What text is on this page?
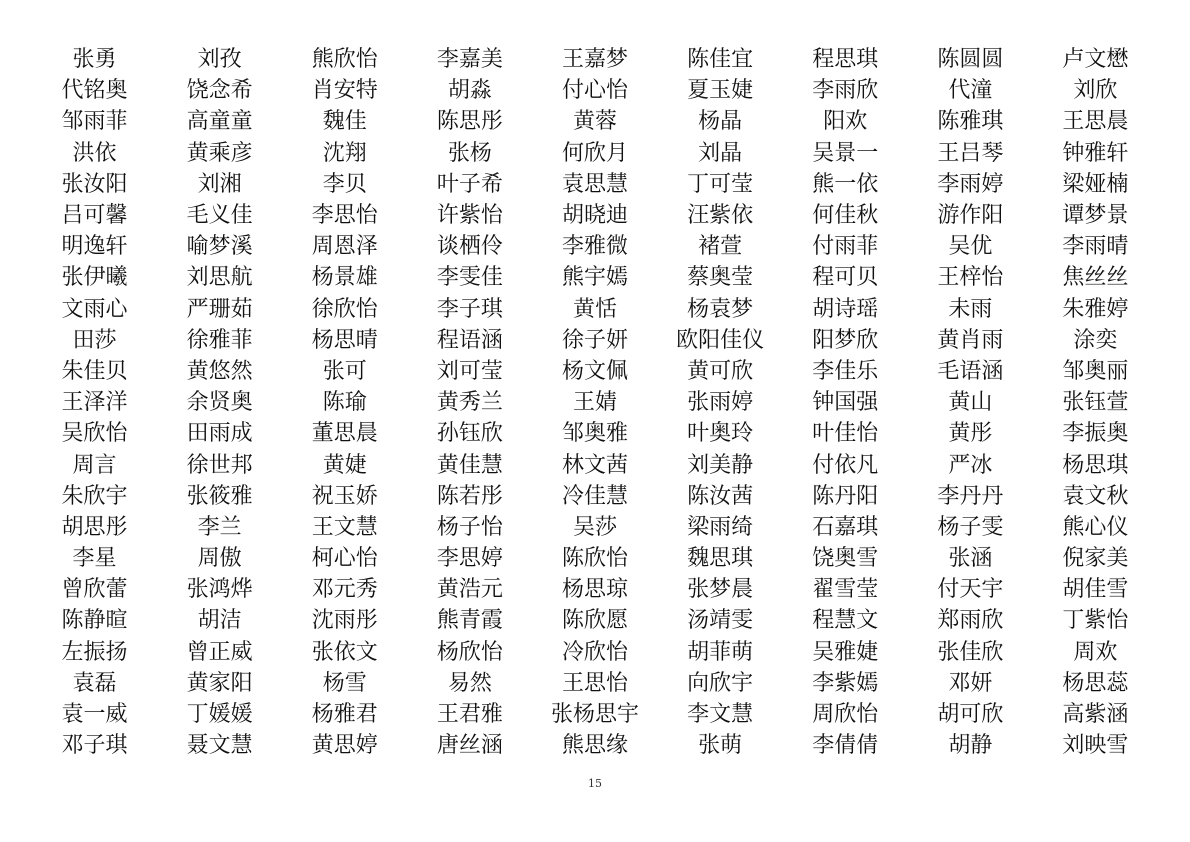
张勇	刘孜	熊欣怡	李嘉美	王嘉梦	陈佳宜	程思琪	陈圆圆	卢文懋
代铭奥	饶念希	肖安特	胡淼	付心怡	夏玉婕	李雨欣	代潼	刘欣
邹雨菲	高童童	魏佳	陈思彤	黄蓉	杨晶	阳欢	陈雅琪	王思晨
洪依	黄乘彦	沈翔	张杨	何欣月	刘晶	吴景一	王吕琴	钟雅轩
张汝阳	刘湘	李贝	叶子希	袁思慧	丁可莹	熊一依	李雨婷	梁娅楠
吕可馨	毛义佳	李思怡	许紫怡	胡晓迪	汪紫依	何佳秋	游作阳	谭梦景
明逸轩	喻梦溪	周恩泽	谈栖伶	李雅微	褚萱	付雨菲	吴优	李雨晴
张伊曦	刘思航	杨景雄	李雯佳	熊宇嫣	蔡奥莹	程可贝	王梓怡	焦丝丝
文雨心	严珊茹	徐欣怡	李子琪	黄恬	杨袁梦	胡诗瑶	未雨	朱雅婷
田莎	徐雅菲	杨思晴	程语涵	徐子妍	欧阳佳仪	阳梦欣	黄肖雨	涂奕
朱佳贝	黄悠然	张可	刘可莹	杨文佩	黄可欣	李佳乐	毛语涵	邹奥丽
王泽洋	余贤奥	陈瑜	黄秀兰	王婧	张雨婷	钟国强	黄山	张钰萱
吴欣怡	田雨成	董思晨	孙钰欣	邹奥雅	叶奥玲	叶佳怡	黄彤	李振奥
周言	徐世邦	黄婕	黄佳慧	林文茜	刘美静	付依凡	严冰	杨思琪
朱欣宇	张筱雅	祝玉娇	陈若彤	冷佳慧	陈汝茜	陈丹阳	李丹丹	袁文秋
胡思彤	李兰	王文慧	杨子怡	吴莎	梁雨绮	石嘉琪	杨子雯	熊心仪
李星	周傲	柯心怡	李思婷	陈欣怡	魏思琪	饶奥雪	张涵	倪家美
曾欣蕾	张鸿烨	邓元秀	黄浩元	杨思琼	张梦晨	翟雪莹	付天宇	胡佳雪
陈静暄	胡洁	沈雨彤	熊青霞	陈欣愿	汤靖雯	程慧文	郑雨欣	丁紫怡
左振扬	曾正威	张依文	杨欣怡	冷欣怡	胡菲萌	吴雅婕	张佳欣	周欢
袁磊	黄家阳	杨雪	易然	王思怡	向欣宇	李紫嫣	邓妍	杨思蕊
袁一威	丁媛媛	杨雅君	王君雅	张杨思宇	李文慧	周欣怡	胡可欣	高紫涵
邓子琪	聂文慧	黄思婷	唐丝涵	熊思缘	张萌	李倩倩	胡静	刘映雪
15
